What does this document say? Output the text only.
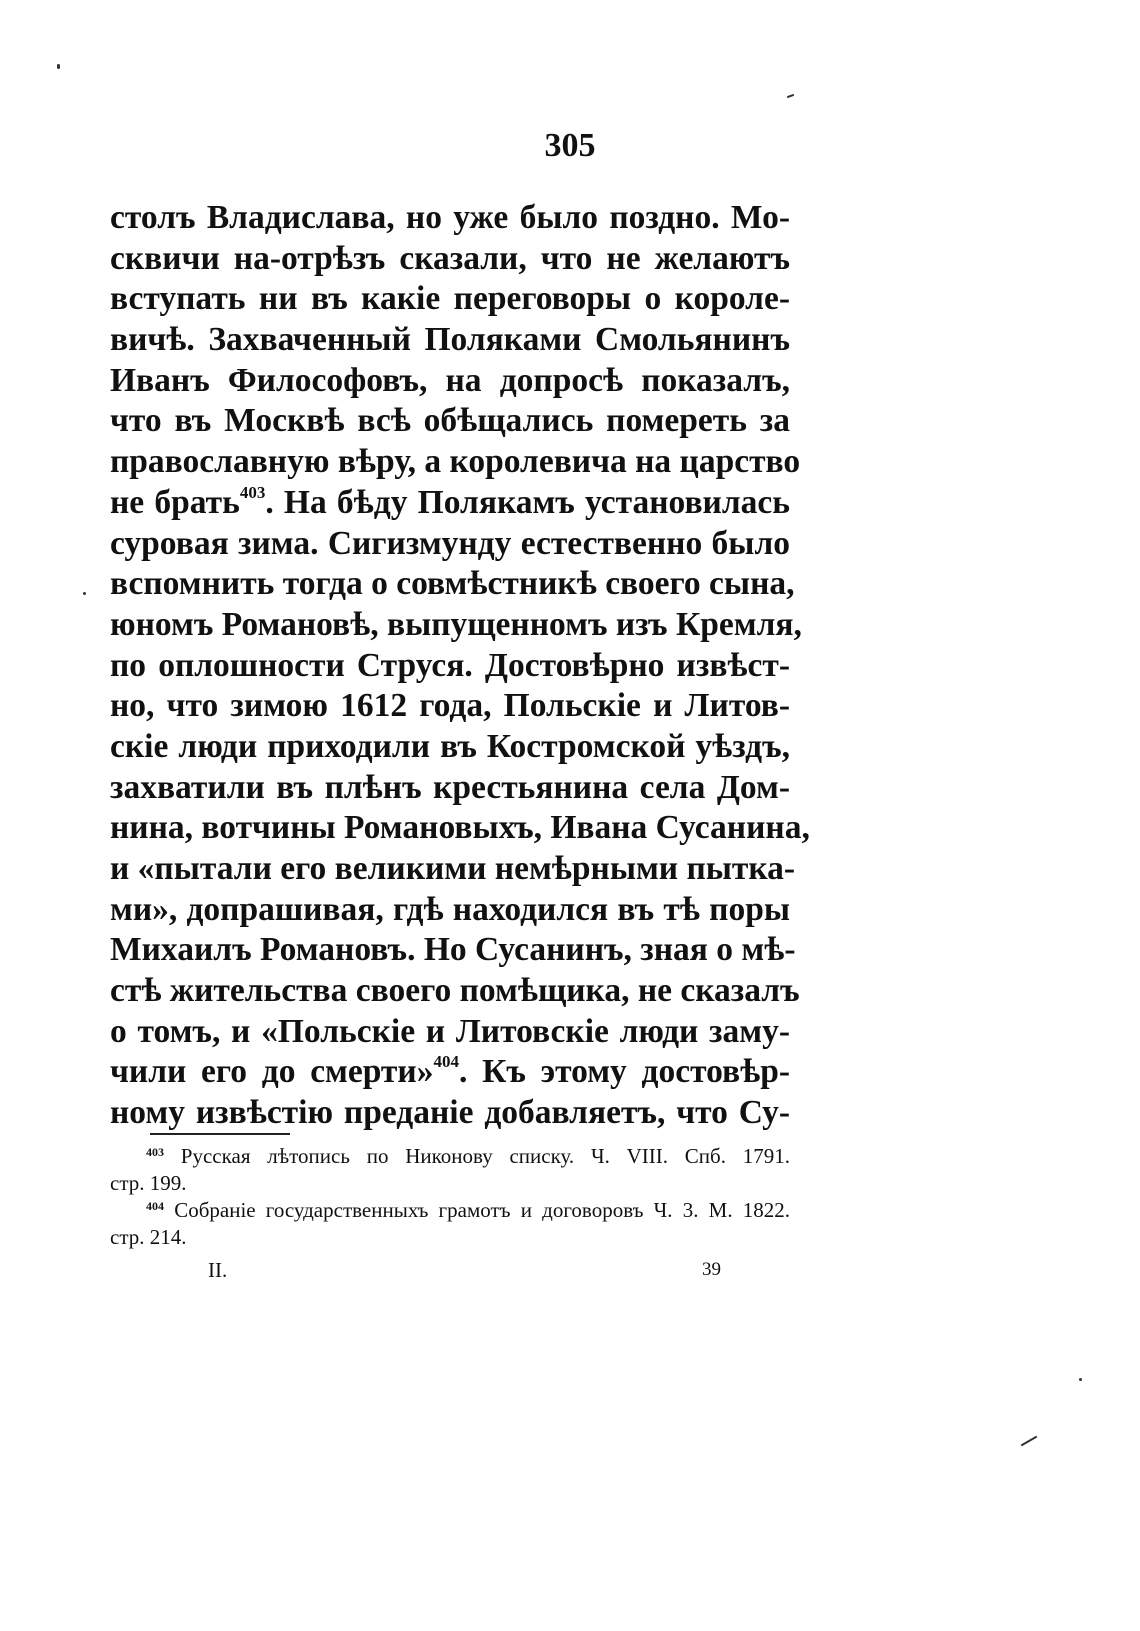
305
столъ Владислава, но уже было поздно. Мо-
сквичи на-отрѣзъ сказали, что не желаютъ
вступать ни въ какіе переговоры о короле-
вичѣ. Захваченный Поляками Смольянинъ
Иванъ Философовъ, на допросѣ показалъ,
что въ Москвѣ всѣ обѣщались померeть за
православную вѣру, а королевича на царство
не брать$^{403}$. На бѣду Полякамъ установилась
суровая зима. Сигизмунду естественно было
вспомнить тогда о совмѣстникѣ своего сына,
юномъ Романовѣ, выпущенномъ изъ Кремля,
по оплошности Струся. Достовѣрно извѣст-
но, что зимою 1612 года, Польскіе и Литов-
скіе люди приходили въ Костромской уѣздъ,
захватили въ плѣнъ крестьянина села Дом-
нина, вотчины Романовыхъ, Ивана Сусанина,
и «пытали его великими немѣрными пытка-
ми», допрашивая, гдѣ находился въ тѣ поры
Михаилъ Романовъ. Но Сусанинъ, зная о мѣ-
стѣ жительства своего помѣщика, не сказалъ
о томъ, и «Польскіе и Литовскіе люди заму-
чили его до смерти»$^{404}$. Къ этому достовѣр-
ному извѣстію преданіе добавляетъ, что Су-
$^{403}$ Русская лѣтопись по Никонову списку. Ч. VIII. Спб. 1791.
стр. 199.
$^{404}$ Собраніе государственныхъ грамотъ и договоровъ Ч. 3. М. 1822.
стр. 214.
II.	39
